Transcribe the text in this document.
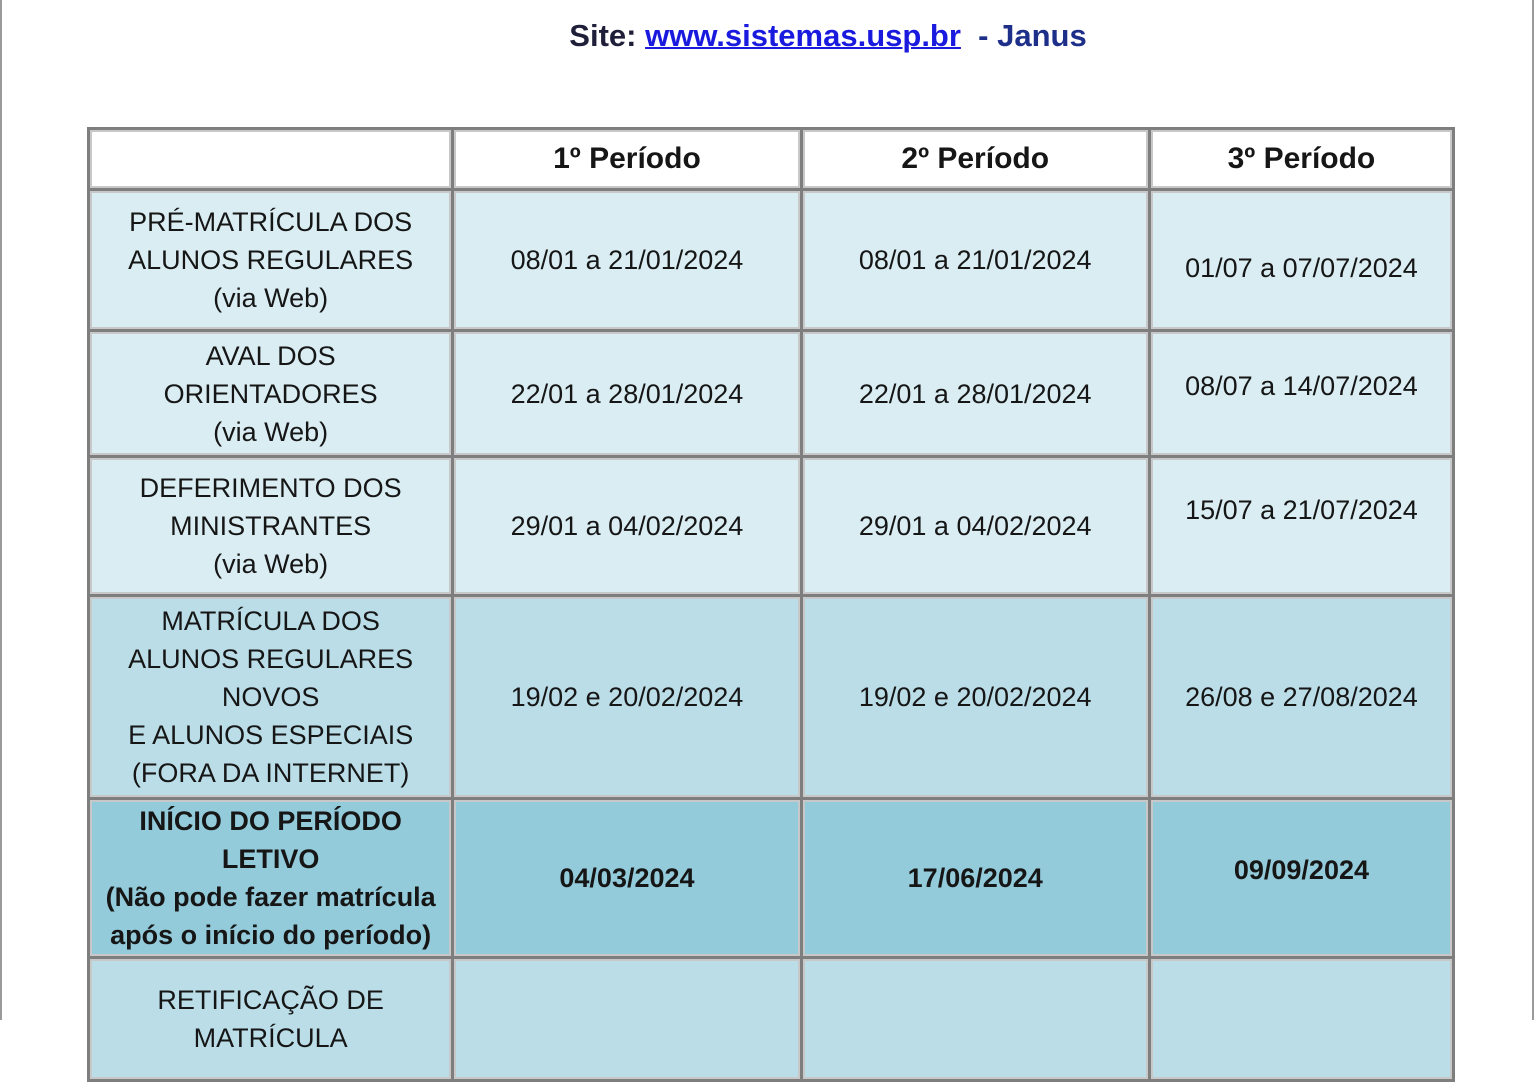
Site: www.sistemas.usp.br - Janus
	1º Período	2º Período	3º Período
PRÉ-MATRÍCULA DOS
ALUNOS REGULARES
(via Web)	08/01 a 21/01/2024	08/01 a 21/01/2024	01/07 a 07/07/2024
AVAL DOS ORIENTADORES
(via Web)	22/01 a 28/01/2024	22/01 a 28/01/2024	08/07 a 14/07/2024
DEFERIMENTO DOS
MINISTRANTES
(via Web)	29/01 a 04/02/2024	29/01 a 04/02/2024	15/07 a 21/07/2024
MATRÍCULA DOS
ALUNOS REGULARES
NOVOS
E ALUNOS ESPECIAIS
(FORA DA INTERNET)	19/02 e 20/02/2024	19/02 e 20/02/2024	26/08 e 27/08/2024
INÍCIO DO PERÍODO
LETIVO
(Não pode fazer matrícula
após o início do período)	04/03/2024	17/06/2024	09/09/2024
RETIFICAÇÃO DE
MATRÍCULA			
